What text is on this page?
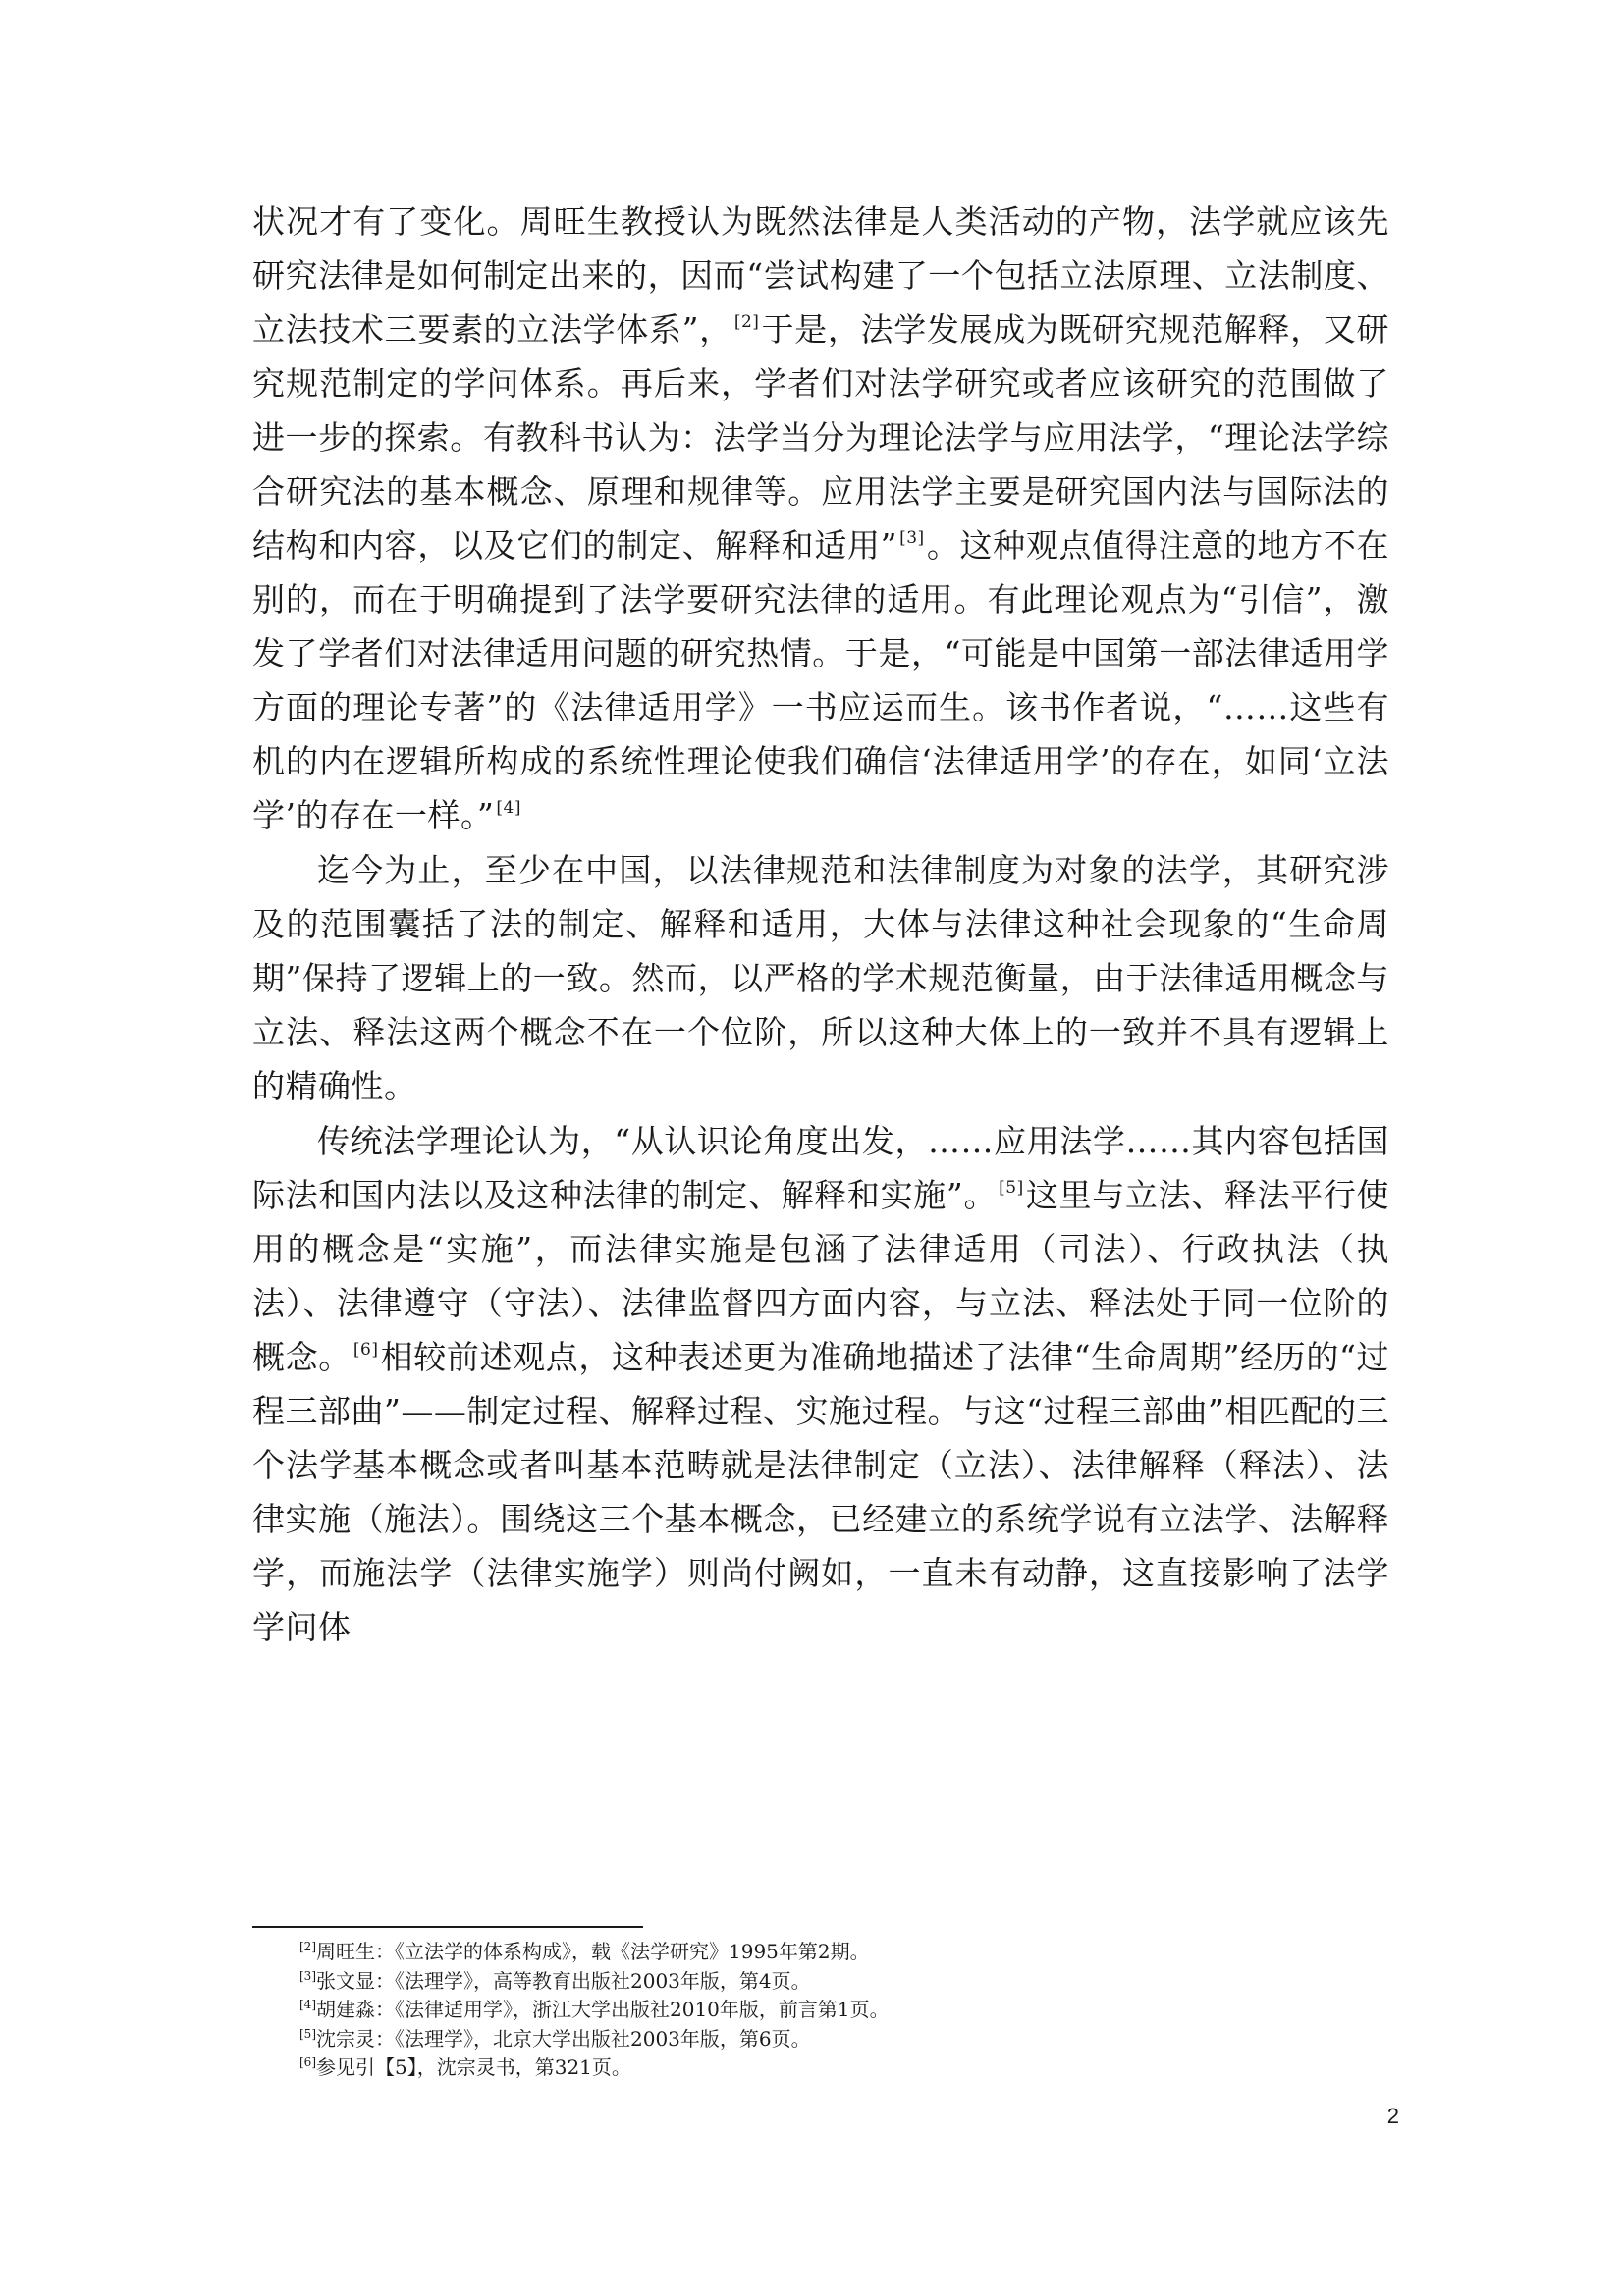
状况才有了变化。周旺生教授认为既然法律是人类活动的产物，法学就应该先研究法律是如何制定出来的，因而“尝试构建了一个包括立法原理、立法制度、立法技术三要素的立法学体系”， [2]于是，法学发展成为既研究规范解释，又研究规范制定的学问体系。再后来，学者们对法学研究或者应该研究的范围做了进一步的探索。有教科书认为：法学当分为理论法学与应用法学，“理论法学综合研究法的基本概念、原理和规律等。应用法学主要是研究国内法与国际法的结构和内容，以及它们的制定、解释和适用” [3]。这种观点值得注意的地方不在别的，而在于明确提到了法学要研究法律的适用。有此理论观点为“引信”，激发了学者们对法律适用问题的研究热情。于是，“可能是中国第一部法律适用学方面的理论专著”的《法律适用学》一书应运而生。该书作者说，“……这些有机的内在逻辑所构成的系统性理论使我们确信‘法律适用学’的存在，如同‘立法学’的存在一样。” [4]

迄今为止，至少在中国，以法律规范和法律制度为对象的法学，其研究涉及的范围囊括了法的制定、解释和适用，大体与法律这种社会现象的“生命周期”保持了逻辑上的一致。然而，以严格的学术规范衡量，由于法律适用概念与立法、释法这两个概念不在一个位阶，所以这种大体上的一致并不具有逻辑上的精确性。

传统法学理论认为，“从认识论角度出发，……应用法学……其内容包括国际法和国内法以及这种法律的制定、解释和实施”。 [5]这里与立法、释法平行使用的概念是“实施”，而法律实施是包涵了法律适用（司法）、行政执法（执法）、法律遵守（守法）、法律监督四方面内容，与立法、释法处于同一位阶的概念。 [6]相较前述观点，这种表述更为准确地描述了法律“生命周期”经历的“过程三部曲”——制定过程、解释过程、实施过程。与这“过程三部曲”相匹配的三个法学基本概念或者叫基本范畴就是法律制定（立法）、法律解释（释法）、法律实施（施法）。围绕这三个基本概念，已经建立的系统学说有立法学、法解释学，而施法学（法律实施学）则尚付阙如，一直未有动静，这直接影响了法学学问体

[2]周旺生：《立法学的体系构成》，载《法学研究》1995年第2期。
[3]张文显：《法理学》，高等教育出版社2003年版，第4页。
[4]胡建淼：《法律适用学》，浙江大学出版社2010年版，前言第1页。
[5]沈宗灵：《法理学》，北京大学出版社2003年版，第6页。
[6]参见引【5】，沈宗灵书，第321页。
2
